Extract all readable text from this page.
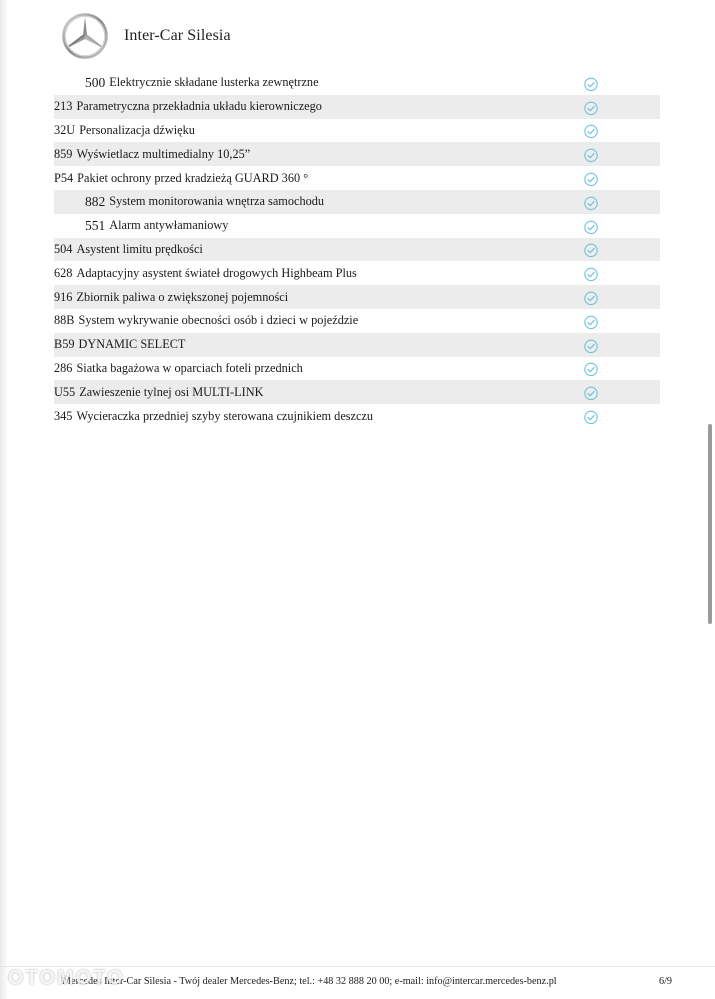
Inter-Car Silesia
500 Elektrycznie składane lusterka zewnętrzne
213 Parametryczna przekładnia układu kierowniczego
32U Personalizacja dźwięku
859 Wyświetlacz multimedialny 10,25”
P54 Pakiet ochrony przed kradzieżą GUARD 360 °
882 System monitorowania wnętrza samochodu
551 Alarm antywłamaniowy
504 Asystent limitu prędkości
628 Adaptacyjny asystent świateł drogowych Highbeam Plus
916 Zbiornik paliwa o zwiększonej pojemności
88B System wykrywanie obecności osób i dzieci w pojeździe
B59 DYNAMIC SELECT
286 Siatka bagażowa w oparciach foteli przednich
U55 Zawieszenie tylnej osi MULTI-LINK
345 Wycieraczka przedniej szyby sterowana czujnikiem deszczu
Mercedes Inter-Car Silesia - Twój dealer Mercedes-Benz; tel.: +48 32 888 20 00; e-mail: info@intercar.mercedes-benz.pl	6/9
OTOMOTO
